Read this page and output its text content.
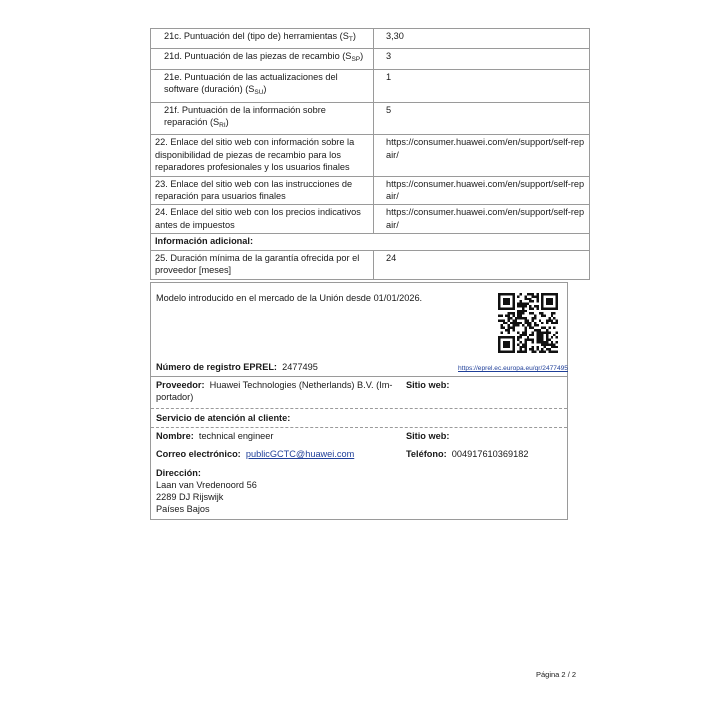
21c. Puntuación del (tipo de) herramientas $(S_T)$	3,30
21d. Puntuación de las piezas de recambio $(S_{SP})$	3
21e. Puntuación de las actualizaciones del software (duración) $(S_{SU})$	1
21f. Puntuación de la información sobre reparación $(S_{RI})$	5
22. Enlace del sitio web con información sobre la disponibilidad de piezas de recambio para los reparadores profesionales y los usuarios finales	https://consumer.huawei.com/en/support/self-repair/
23. Enlace del sitio web con las instrucciones de reparación para usuarios finales	https://consumer.huawei.com/en/support/self-repair/
24. Enlace del sitio web con los precios indicativos antes de impuestos	https://consumer.huawei.com/en/support/self-repair/
Información adicional:	
25. Duración mínima de la garantía ofrecida por el proveedor [meses]	24
Modelo introducido en el mercado de la Unión desde 01/01/2026.
Número de registro EPREL: 2477495	https://eprel.ec.europa.eu/qr/2477495
Proveedor: Huawei Technologies (Netherlands) B.V. (Im-
portador)
Sitio web:
Servicio de atención al cliente:
Nombre: technical engineer	Sitio web:
Correo electrónico: publicGCTC@huawei.com	Teléfono: 004917610369182
Dirección:
Laan van Vredenoord 56
2289 DJ Rijswijk
Países Bajos
Página 2 / 2
